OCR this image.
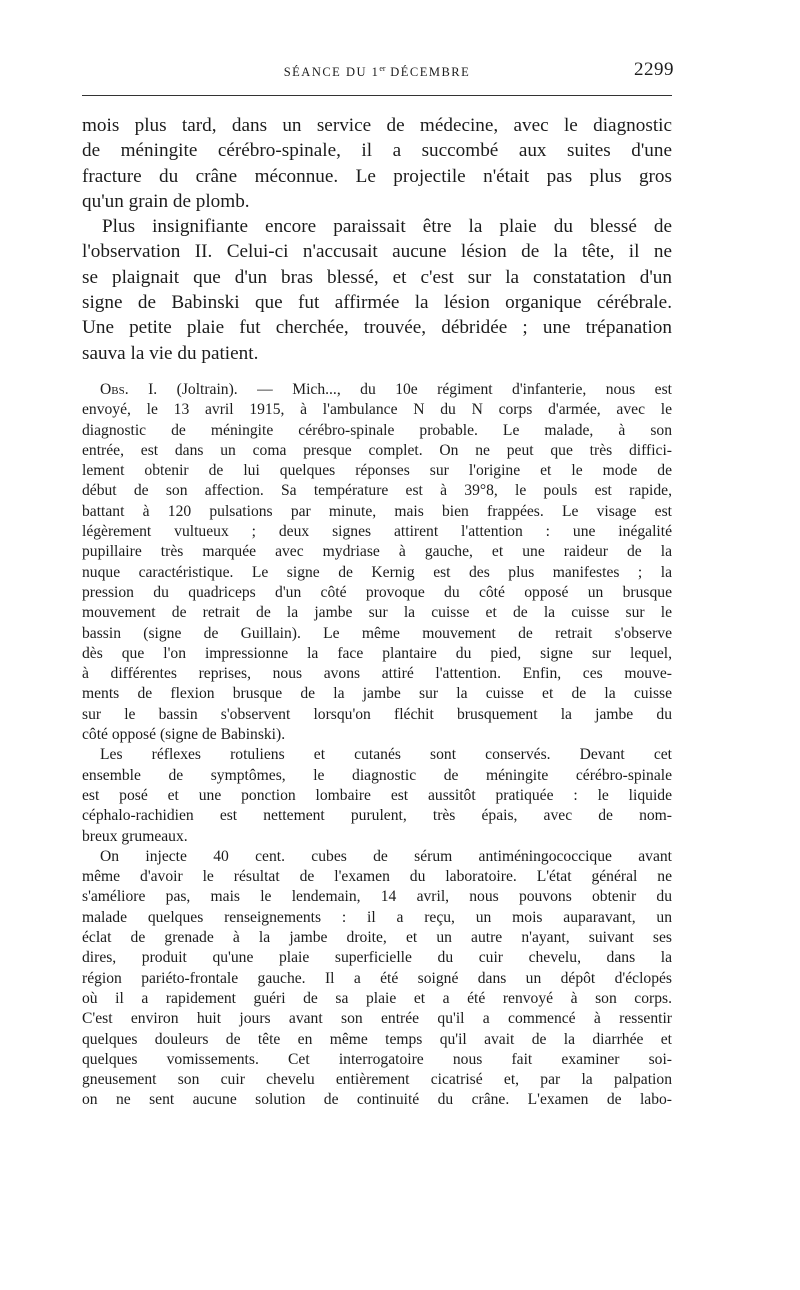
SÉANCE DU 1er DÉCEMBRE	2299
mois plus tard, dans un service de médecine, avec le diagnostic
de méningite cérébro-spinale, il a succombé aux suites d'une
fracture du crâne méconnue. Le projectile n'était pas plus gros
qu'un grain de plomb.
Plus insignifiante encore paraissait être la plaie du blessé de
l'observation II. Celui-ci n'accusait aucune lésion de la tête, il ne
se plaignait que d'un bras blessé, et c'est sur la constatation d'un
signe de Babinski que fut affirmée la lésion organique cérébrale.
Une petite plaie fut cherchée, trouvée, débridée ; une trépanation
sauva la vie du patient.
Obs. I. (Joltrain). — Mich..., du 10e régiment d'infanterie, nous est
envoyé, le 13 avril 1915, à l'ambulance N du N corps d'armée, avec le
diagnostic de méningite cérébro-spinale probable. Le malade, à son
entrée, est dans un coma presque complet. On ne peut que très diffici-
lement obtenir de lui quelques réponses sur l'origine et le mode de
début de son affection. Sa température est à 39°8, le pouls est rapide,
battant à 120 pulsations par minute, mais bien frappées. Le visage est
légèrement vultueux ; deux signes attirent l'attention : une inégalité
pupillaire très marquée avec mydriase à gauche, et une raideur de la
nuque caractéristique. Le signe de Kernig est des plus manifestes ; la
pression du quadriceps d'un côté provoque du côté opposé un brusque
mouvement de retrait de la jambe sur la cuisse et de la cuisse sur le
bassin (signe de Guillain). Le même mouvement de retrait s'observe
dès que l'on impressionne la face plantaire du pied, signe sur lequel,
à différentes reprises, nous avons attiré l'attention. Enfin, ces mouve-
ments de flexion brusque de la jambe sur la cuisse et de la cuisse
sur le bassin s'observent lorsqu'on fléchit brusquement la jambe du
côté opposé (signe de Babinski).
Les réflexes rotuliens et cutanés sont conservés. Devant cet
ensemble de symptômes, le diagnostic de méningite cérébro-spinale
est posé et une ponction lombaire est aussitôt pratiquée : le liquide
céphalo-rachidien est nettement purulent, très épais, avec de nom-
breux grumeaux.
On injecte 40 cent. cubes de sérum antiméningococcique avant
même d'avoir le résultat de l'examen du laboratoire. L'état général ne
s'améliore pas, mais le lendemain, 14 avril, nous pouvons obtenir du
malade quelques renseignements : il a reçu, un mois auparavant, un
éclat de grenade à la jambe droite, et un autre n'ayant, suivant ses
dires, produit qu'une plaie superficielle du cuir chevelu, dans la
région pariéto-frontale gauche. Il a été soigné dans un dépôt d'éclopés
où il a rapidement guéri de sa plaie et a été renvoyé à son corps.
C'est environ huit jours avant son entrée qu'il a commencé à ressentir
quelques douleurs de tête en même temps qu'il avait de la diarrhée et
quelques vomissements. Cet interrogatoire nous fait examiner soi-
gneusement son cuir chevelu entièrement cicatrisé et, par la palpation
on ne sent aucune solution de continuité du crâne. L'examen de labo-
